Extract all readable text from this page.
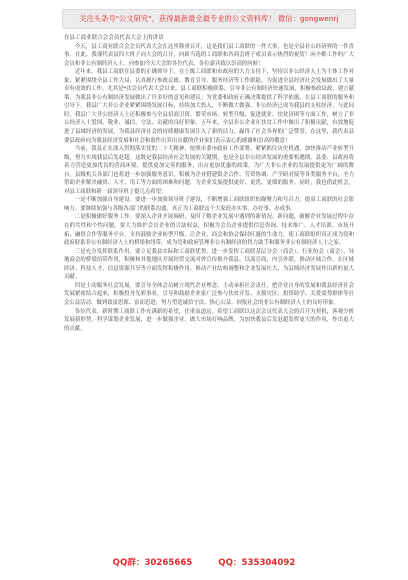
关注头条号"公文研究"，获得最新最全最专业的公文资料库！ 微信：gongwenrj
在县工商业联合会会员代表大会上的讲话

今天，县工商业联合会会员代表大会在这里隆重召开，这是我们县工商联的一件大事，也是全县非公经济界的一件喜事。在此，我谨代表县四大班子向大会的召开，向新当选的工商联和各商会班子成员表示热烈的祝贺！向辛勤工作的广大会员和非公有制经济人士，向参加今天大会的各位代表，各位嘉宾致以崇高的问候！

近年来，我县工商联在县委的正确领导下，在上级工商联和市政府的大力支持下，坚持以非公经济人士为主体工作对象，紧紧围绕全县工作大局，认真履行参政议政、教育引导、服务经济等工作职能，为促进全县经济社会发展做出了大量卓有成效的工作。尤其是*次会员代表大会以来，县工商联积极联系、引导非公有制经济快速发展，积极参政议政，建言献策，为我县非公有制经济发展做出了许多好的意见和建议；为党委和政府正确决策提供了科学依据。在县工商联的服务和引导下，我县广大非公企业紧紧围绕发展目标，持续加大投入，不断做大做强，非公经济已成为我县的支柱经济。与此同时，我县广大非公经济人士还积极参与全县招商引资、繁荣市场、转型升级、促进就业、扶贫济困等方面工作，树立了非公经济人士爱国、敬业、诚信、守法、贡献的良好形象。五年来，全县非公企业在扶贫工作中做出了积极贡献，有效地促进了县域经济的发展，为我县经济社会的持续健康发展注入了新的活力，赢得了社会各界的广泛赞誉。在这里，我代表县委县政府向为我县经济发展和社会和谐作出突出贡献的企业家们表示衷心的感谢和崇高的敬意！

当前，我县正在深入贯彻落实党的二十大精神，按照市委市政府工作部署，紧紧抓住历史机遇，加快推动产业转型升级，努力实现我县后发赶超。这既是我县经济社会发展的关键期，也是全县非公经济发展的重要机遇期。县委、县政府将着力营造更加优良的营商环境，提供更加完善的服务，出台更加优惠的政策，为广大非公企业的发展提供更为广阔的舞台。县级机关各部门也将进一步加强服务意识，积极为企业搭建银企合作、劳资协调、产学研对接等各类服务平台，全力帮助企业解决融资、人才、用工等方面的困难和问题，为企业发展提供更好、更优、更细的服务。同时，我也借此机会，对县工商联和新一届领导班子提几点希望：

一是不断加强自身建设。要进一步加强领导班子建设，不断增强工商联组织的凝聚力和号召力，提高工商联的社会影响力。要继续加强与各级各部门的联系沟通，真正为工商联这个大家庭办实事、办好事、办成事。

二是积极做好服务工作。要深入企业开展调研，及时了解企业发展中遇到的新情况、新问题，破解企业发展过程中存在的共性和个性问题。要大力维护会员企业的合法权益，积极为会员企业提供信息咨询、技术推广、人才培训、市场开拓、融资合作等服务平台，支持鼓励企业转型升级，让企业、商会和协会保持旺盛的生命力，使工商联组织真正成为党和政府联系非公有制经济人士的桥梁和纽带，成为党和政府管理非公有制经济的得力助手和服务非公有制经济人士之家。

三是充分发挥联系作用。要立足我县实际和工商联优势，进一步发挥工商联基层分会（商会）、行业协会（商会）、异地商会的桥梁纽带作用，积极和其他地区开展经贸交流对外宣传推介我县，以商引商，内引外联，推动区域合作，在区域经济、科技人才、信息资源共享等方面发挥积极作用，推动产业结构调整和企业发展壮大，为县域经济发展作出新的更大贡献。

四是主动服务社会发展。要引导全体会员树立现代企业理念，主动承担社会责任，把企业自身的发展和我县经济社会发展紧密结合起来，积极投身光彩事业，引导和鼓励企业家广泛参与扶贫开发、支援灾区、捐资助学、关爱弱势群体等社会公益活动，做到致富思源、富而思进，努力塑造诚信守法、热心公益、回报社会的非公有制经济人士的良好形象。

各位代表，新时期工商联工作充满新的希望，任重而道远。希望工商联以这次会员代表大会的召开为契机，客观分析发展新形势，科学谋划企业发展，进一步做强企业，做大市场打响品牌，为加快我县后发赶超发挥更大的作用，作出更大的贡献。

QQ群：30265665	QQ：535304092
